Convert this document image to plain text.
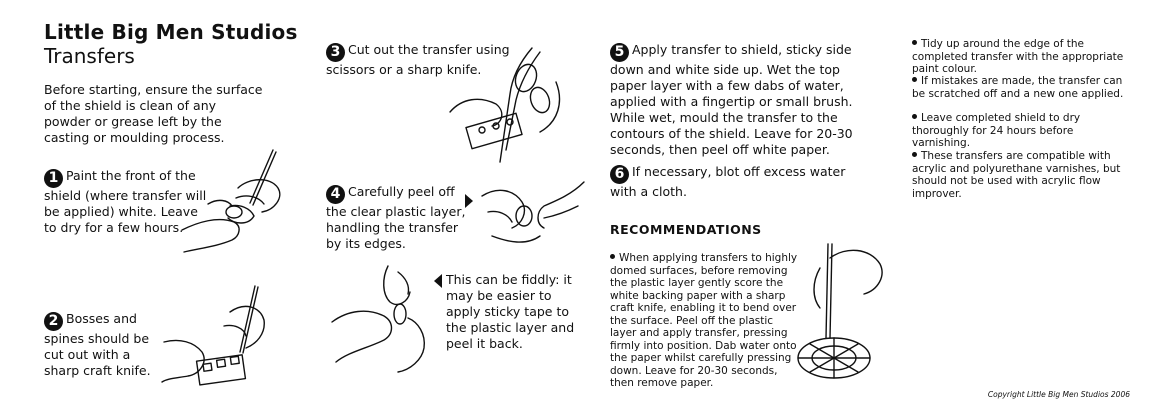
Little Big Men Studios
Transfers
Before starting, ensure the surface of the shield is clean of any powder or grease left by the casting or moulding process.
1 Paint the front of the shield (where transfer will be applied) white. Leave to dry for a few hours.
2 Bosses and spines should be cut out with a sharp craft knife.
3 Cut out the transfer using scissors or a sharp knife.
4 Carefully peel off the clear plastic layer, handling the transfer by its edges.
This can be fiddly: it may be easier to apply sticky tape to the plastic layer and peel it back.
5 Apply transfer to shield, sticky side down and white side up. Wet the top paper layer with a few dabs of water, applied with a fingertip or small brush. While wet, mould the transfer to the contours of the shield. Leave for 20-30 seconds, then peel off white paper.
6 If necessary, blot off excess water with a cloth.
RECOMMENDATIONS
When applying transfers to highly domed surfaces, before removing the plastic layer gently score the white backing paper with a sharp craft knife, enabling it to bend over the surface. Peel off the plastic layer and apply transfer, pressing firmly into position. Dab water onto the paper whilst carefully pressing down. Leave for 20-30 seconds, then remove paper.
Tidy up around the edge of the completed transfer with the appropriate paint colour.
If mistakes are made, the transfer can be scratched off and a new one applied.
Leave completed shield to dry thoroughly for 24 hours before varnishing.
These transfers are compatible with acrylic and polyurethane varnishes, but should not be used with acrylic flow improver.
Copyright Little Big Men Studios 2006
